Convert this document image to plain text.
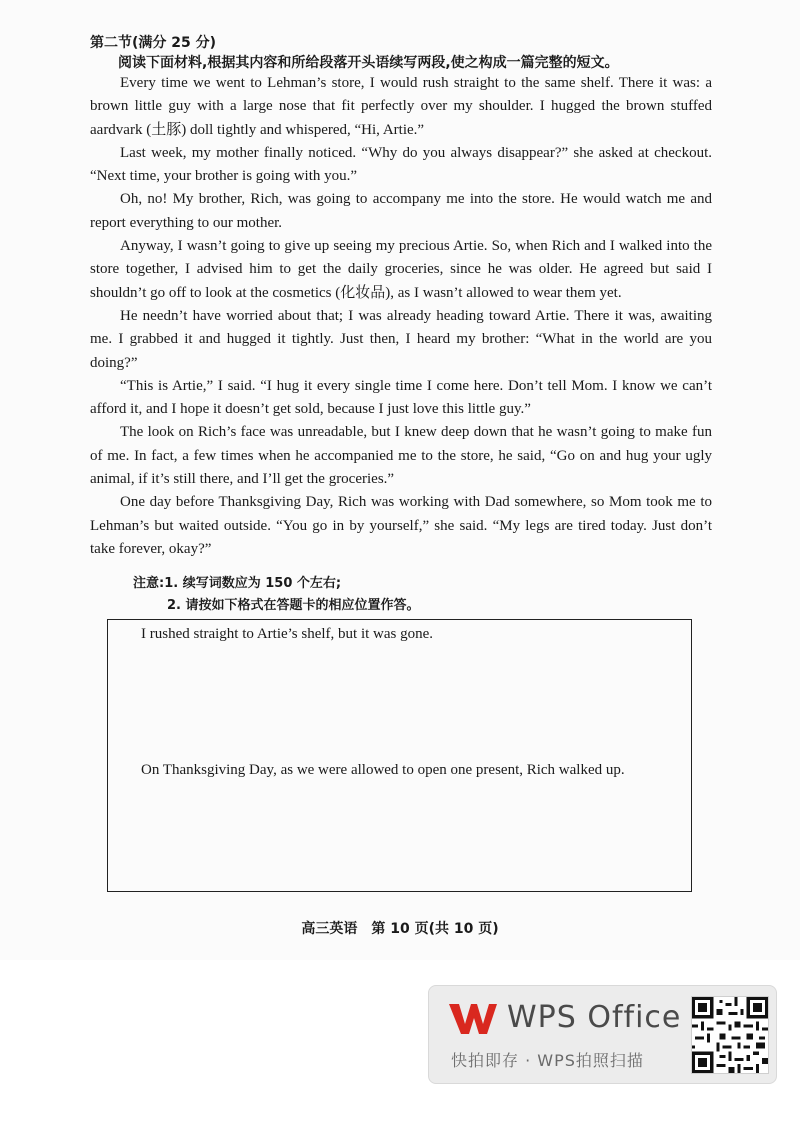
第二节(满分 25 分)
阅读下面材料,根据其内容和所给段落开头语续写两段,使之构成一篇完整的短文。

Every time we went to Lehman’s store, I would rush straight to the same shelf. There it was: a brown little guy with a large nose that fit perfectly over my shoulder. I hugged the brown stuffed aardvark (土豚) doll tightly and whispered, “Hi, Artie.”

Last week, my mother finally noticed. “Why do you always disappear?” she asked at checkout. “Next time, your brother is going with you.”

Oh, no! My brother, Rich, was going to accompany me into the store. He would watch me and report everything to our mother.

Anyway, I wasn’t going to give up seeing my precious Artie. So, when Rich and I walked into the store together, I advised him to get the daily groceries, since he was older. He agreed but said I shouldn’t go off to look at the cosmetics (化妆品), as I wasn’t allowed to wear them yet.

He needn’t have worried about that; I was already heading toward Artie. There it was, awaiting me. I grabbed it and hugged it tightly. Just then, I heard my brother: “What in the world are you doing?”

“This is Artie,” I said. “I hug it every single time I come here. Don’t tell Mom. I know we can’t afford it, and I hope it doesn’t get sold, because I just love this little guy.”

The look on Rich’s face was unreadable, but I knew deep down that he wasn’t going to make fun of me. In fact, a few times when he accompanied me to the store, he said, “Go on and hug your ugly animal, if it’s still there, and I’ll get the groceries.”

One day before Thanksgiving Day, Rich was working with Dad somewhere, so Mom took me to Lehman’s but waited outside. “You go in by yourself,” she said. “My legs are tired today. Just don’t take forever, okay?”

注意:1. 续写词数应为 150 个左右;
2. 请按如下格式在答题卡的相应位置作答。
I rushed straight to Artie’s shelf, but it was gone.
On Thanksgiving Day, as we were allowed to open one present, Rich walked up.
高三英语　第 10 页(共 10 页)
WPS Office
快拍即存 · WPS拍照扫描
